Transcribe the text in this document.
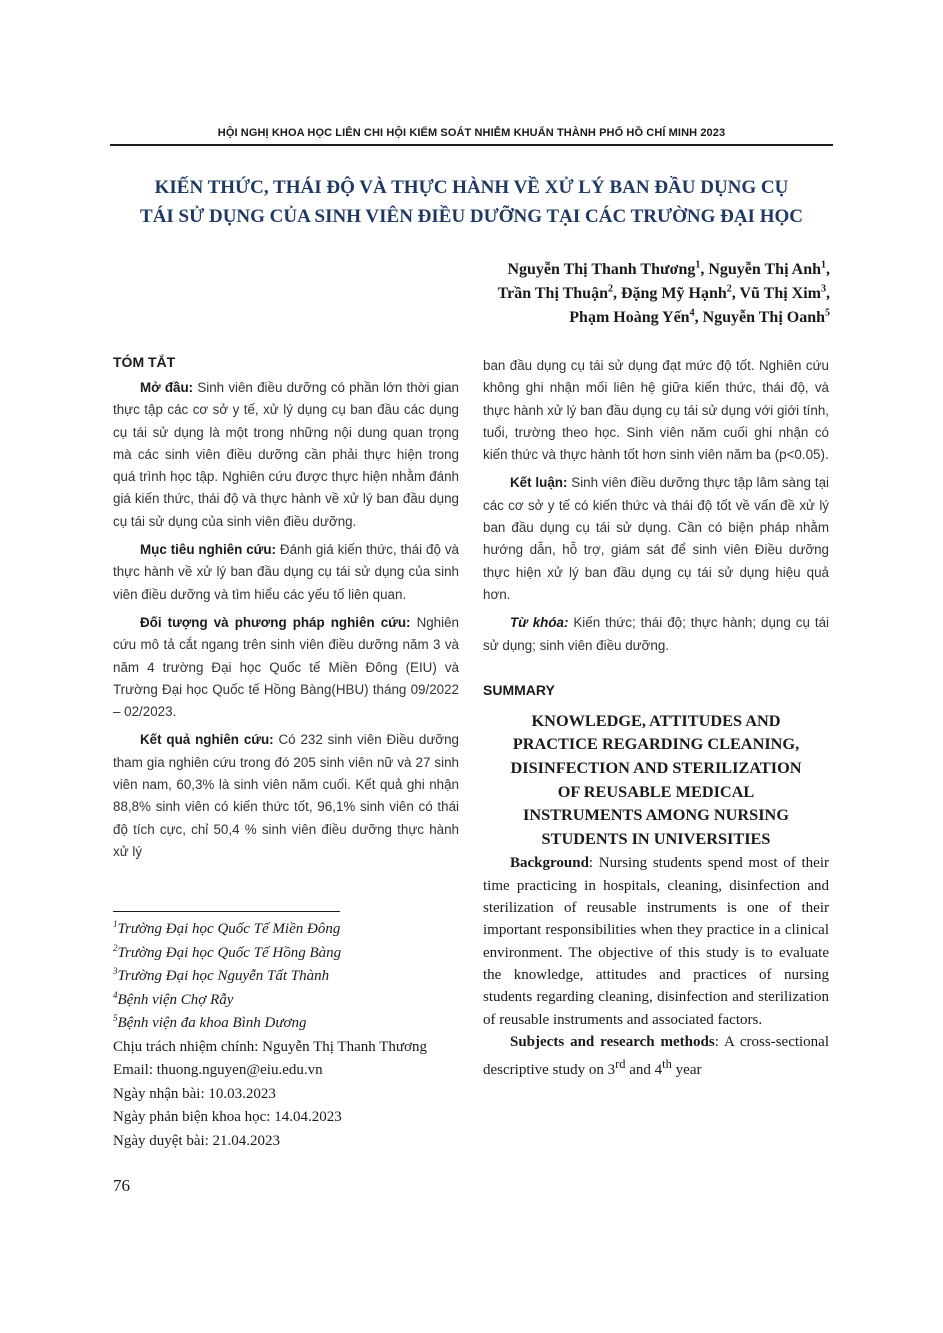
HỘI NGHỊ KHOA HỌC LIÊN CHI HỘI KIỂM SOÁT NHIỄM KHUẨN THÀNH PHỐ HỒ CHÍ MINH 2023
KIẾN THỨC, THÁI ĐỘ VÀ THỰC HÀNH VỀ XỬ LÝ BAN ĐẦU DỤNG CỤ
TÁI SỬ DỤNG CỦA SINH VIÊN ĐIỀU DƯỠNG TẠI CÁC TRƯỜNG ĐẠI HỌC
Nguyễn Thị Thanh Thương$^1$, Nguyễn Thị Anh$^1$,
Trần Thị Thuận$^2$, Đặng Mỹ Hạnh$^2$, Vũ Thị Xim$^3$,
Phạm Hoàng Yến$^4$, Nguyễn Thị Oanh$^5$
TÓM TẮT

Mở đầu: Sinh viên điều dưỡng có phần lớn thời gian thực tập các cơ sở y tế, xử lý dụng cụ ban đầu các dụng cụ tái sử dụng là một trong những nội dung quan trọng mà các sinh viên điều dưỡng cần phải thực hiện trong quá trình học tập. Nghiên cứu được thực hiện nhằm đánh giá kiến thức, thái độ và thực hành về xử lý ban đầu dụng cụ tái sử dụng của sinh viên điều dưỡng.

Mục tiêu nghiên cứu: Đánh giá kiến thức, thái độ và thực hành về xử lý ban đầu dụng cụ tái sử dụng của sinh viên điều dưỡng và tìm hiểu các yếu tố liên quan.

Đối tượng và phương pháp nghiên cứu: Nghiên cứu mô tả cắt ngang trên sinh viên điều dưỡng năm 3 và năm 4 trường Đại học Quốc tế Miền Đông (EIU) và Trường Đại học Quốc tế Hồng Bàng(HBU) tháng 09/2022 – 02/2023.

Kết quả nghiên cứu: Có 232 sinh viên Điều dưỡng tham gia nghiên cứu trong đó 205 sinh viên nữ và 27 sinh viên nam, 60,3% là sinh viên năm cuối. Kết quả ghi nhận 88,8% sinh viên có kiến thức tốt, 96,1% sinh viên có thái độ tích cực, chỉ 50,4 % sinh viên điều dưỡng thực hành xử lý

ban đầu dụng cụ tái sử dụng đạt mức độ tốt. Nghiên cứu không ghi nhận mối liên hệ giữa kiến thức, thái độ, và thực hành xử lý ban đầu dụng cụ tái sử dụng với giới tính, tuổi, trường theo học. Sinh viên năm cuối ghi nhận có kiến thức và thực hành tốt hơn sinh viên năm ba (p<0.05).

Kết luận: Sinh viên điều dưỡng thực tập lâm sàng tại các cơ sở y tế có kiến thức và thái độ tốt về vấn đề xử lý ban đầu dụng cụ tái sử dụng. Cần có biện pháp nhằm hướng dẫn, hỗ trợ, giám sát để sinh viên Điều dưỡng thực hiện xử lý ban đầu dụng cụ tái sử dụng hiệu quả hơn.

Từ khóa: Kiến thức; thái độ; thực hành; dụng cụ tái sử dụng; sinh viên điều dưỡng.

SUMMARY
KNOWLEDGE, ATTITUDES AND
PRACTICE REGARDING CLEANING,
DISINFECTION AND STERILIZATION
OF REUSABLE MEDICAL
INSTRUMENTS AMONG NURSING
STUDENTS IN UNIVERSITIES

Background: Nursing students spend most of their time practicing in hospitals, cleaning, disinfection and sterilization of reusable instruments is one of their important responsibilities when they practice in a clinical environment. The objective of this study is to evaluate the knowledge, attitudes and practices of nursing students regarding cleaning, disinfection and sterilization of reusable instruments and associated factors.

Subjects and research methods: A cross-sectional descriptive study on 3rd and 4th year

$^1$Trường Đại học Quốc Tế Miền Đông
$^2$Trường Đại học Quốc Tế Hồng Bàng
$^3$Trường Đại học Nguyễn Tất Thành
$^4$Bệnh viện Chợ Rẫy
$^5$Bệnh viện đa khoa Bình Dương
Chịu trách nhiệm chính: Nguyễn Thị Thanh Thương
Email: thuong.nguyen@eiu.edu.vn
Ngày nhận bài: 10.03.2023
Ngày phản biện khoa học: 14.04.2023
Ngày duyệt bài: 21.04.2023
76
